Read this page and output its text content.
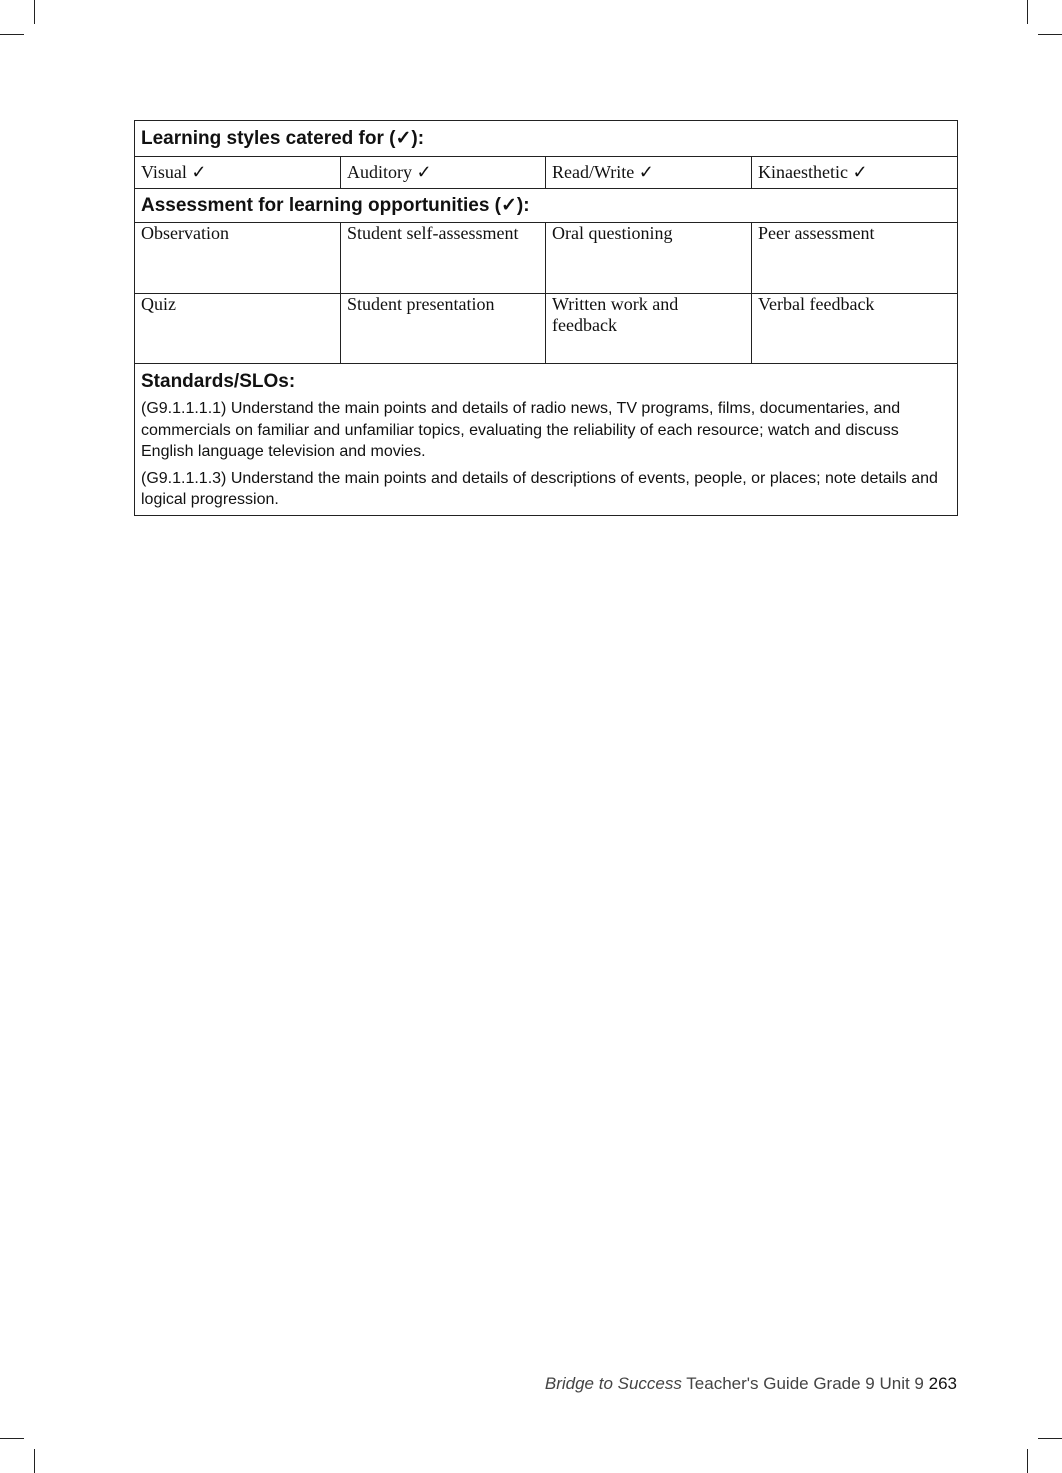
Learning styles catered for (✓):			
Visual ✓	Auditory ✓	Read/Write ✓	Kinaesthetic ✓
Assessment for learning opportunities (✓):			
Observation	Student self-assessment	Oral questioning	Peer assessment
Quiz	Student presentation	Written work and feedback	Verbal feedback

Standards/SLOs:

(G9.1.1.1.1) Understand the main points and details of radio news, TV programs, films, documentaries, and commercials on familiar and unfamiliar topics, evaluating the reliability of each resource; watch and discuss English language television and movies.

(G9.1.1.1.3) Understand the main points and details of descriptions of events, people, or places; note details and logical progression.			

Bridge to Success Teacher's Guide Grade 9 Unit 9 263
